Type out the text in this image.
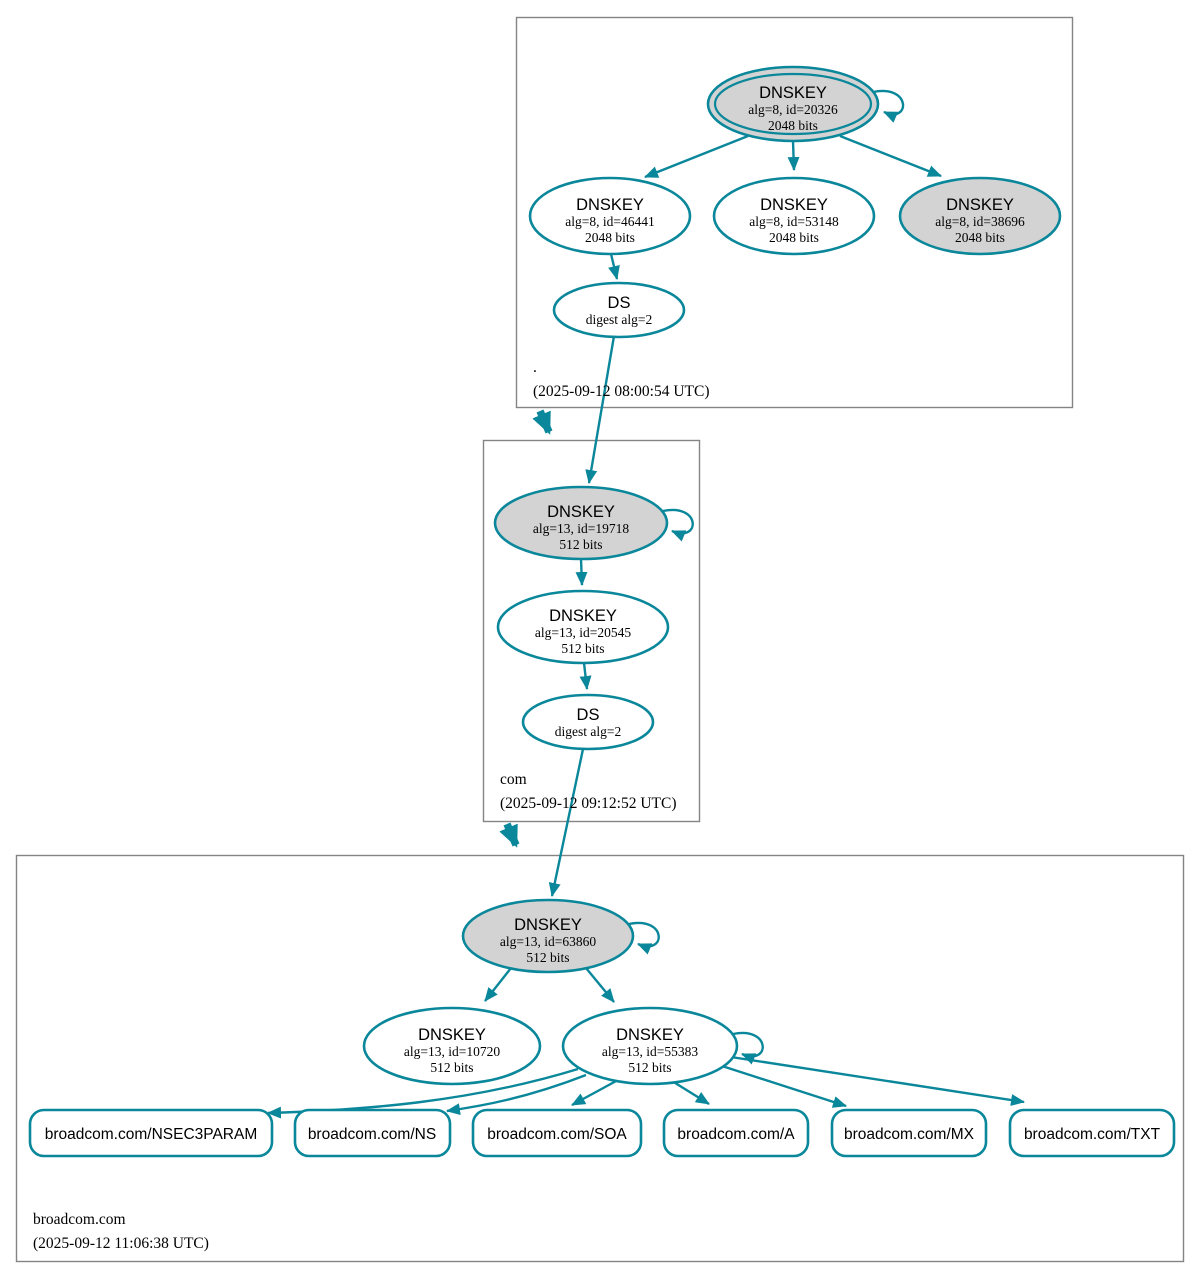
DNSKEY
alg=8, id=20326
2048 bits
DNSKEY
alg=8, id=46441
2048 bits
DNSKEY
alg=8, id=53148
2048 bits
DNSKEY
alg=8, id=38696
2048 bits
DS
digest alg=2
.
(2025-09-12 08:00:54 UTC)
DNSKEY
alg=13, id=19718
512 bits
DNSKEY
alg=13, id=20545
512 bits
DS
digest alg=2
com
(2025-09-12 09:12:52 UTC)
DNSKEY
alg=13, id=63860
512 bits
DNSKEY
alg=13, id=10720
512 bits
DNSKEY
alg=13, id=55383
512 bits
broadcom.com/NSEC3PARAM	broadcom.com/NS	broadcom.com/SOA	broadcom.com/A	broadcom.com/MX	broadcom.com/TXT
broadcom.com
(2025-09-12 11:06:38 UTC)
